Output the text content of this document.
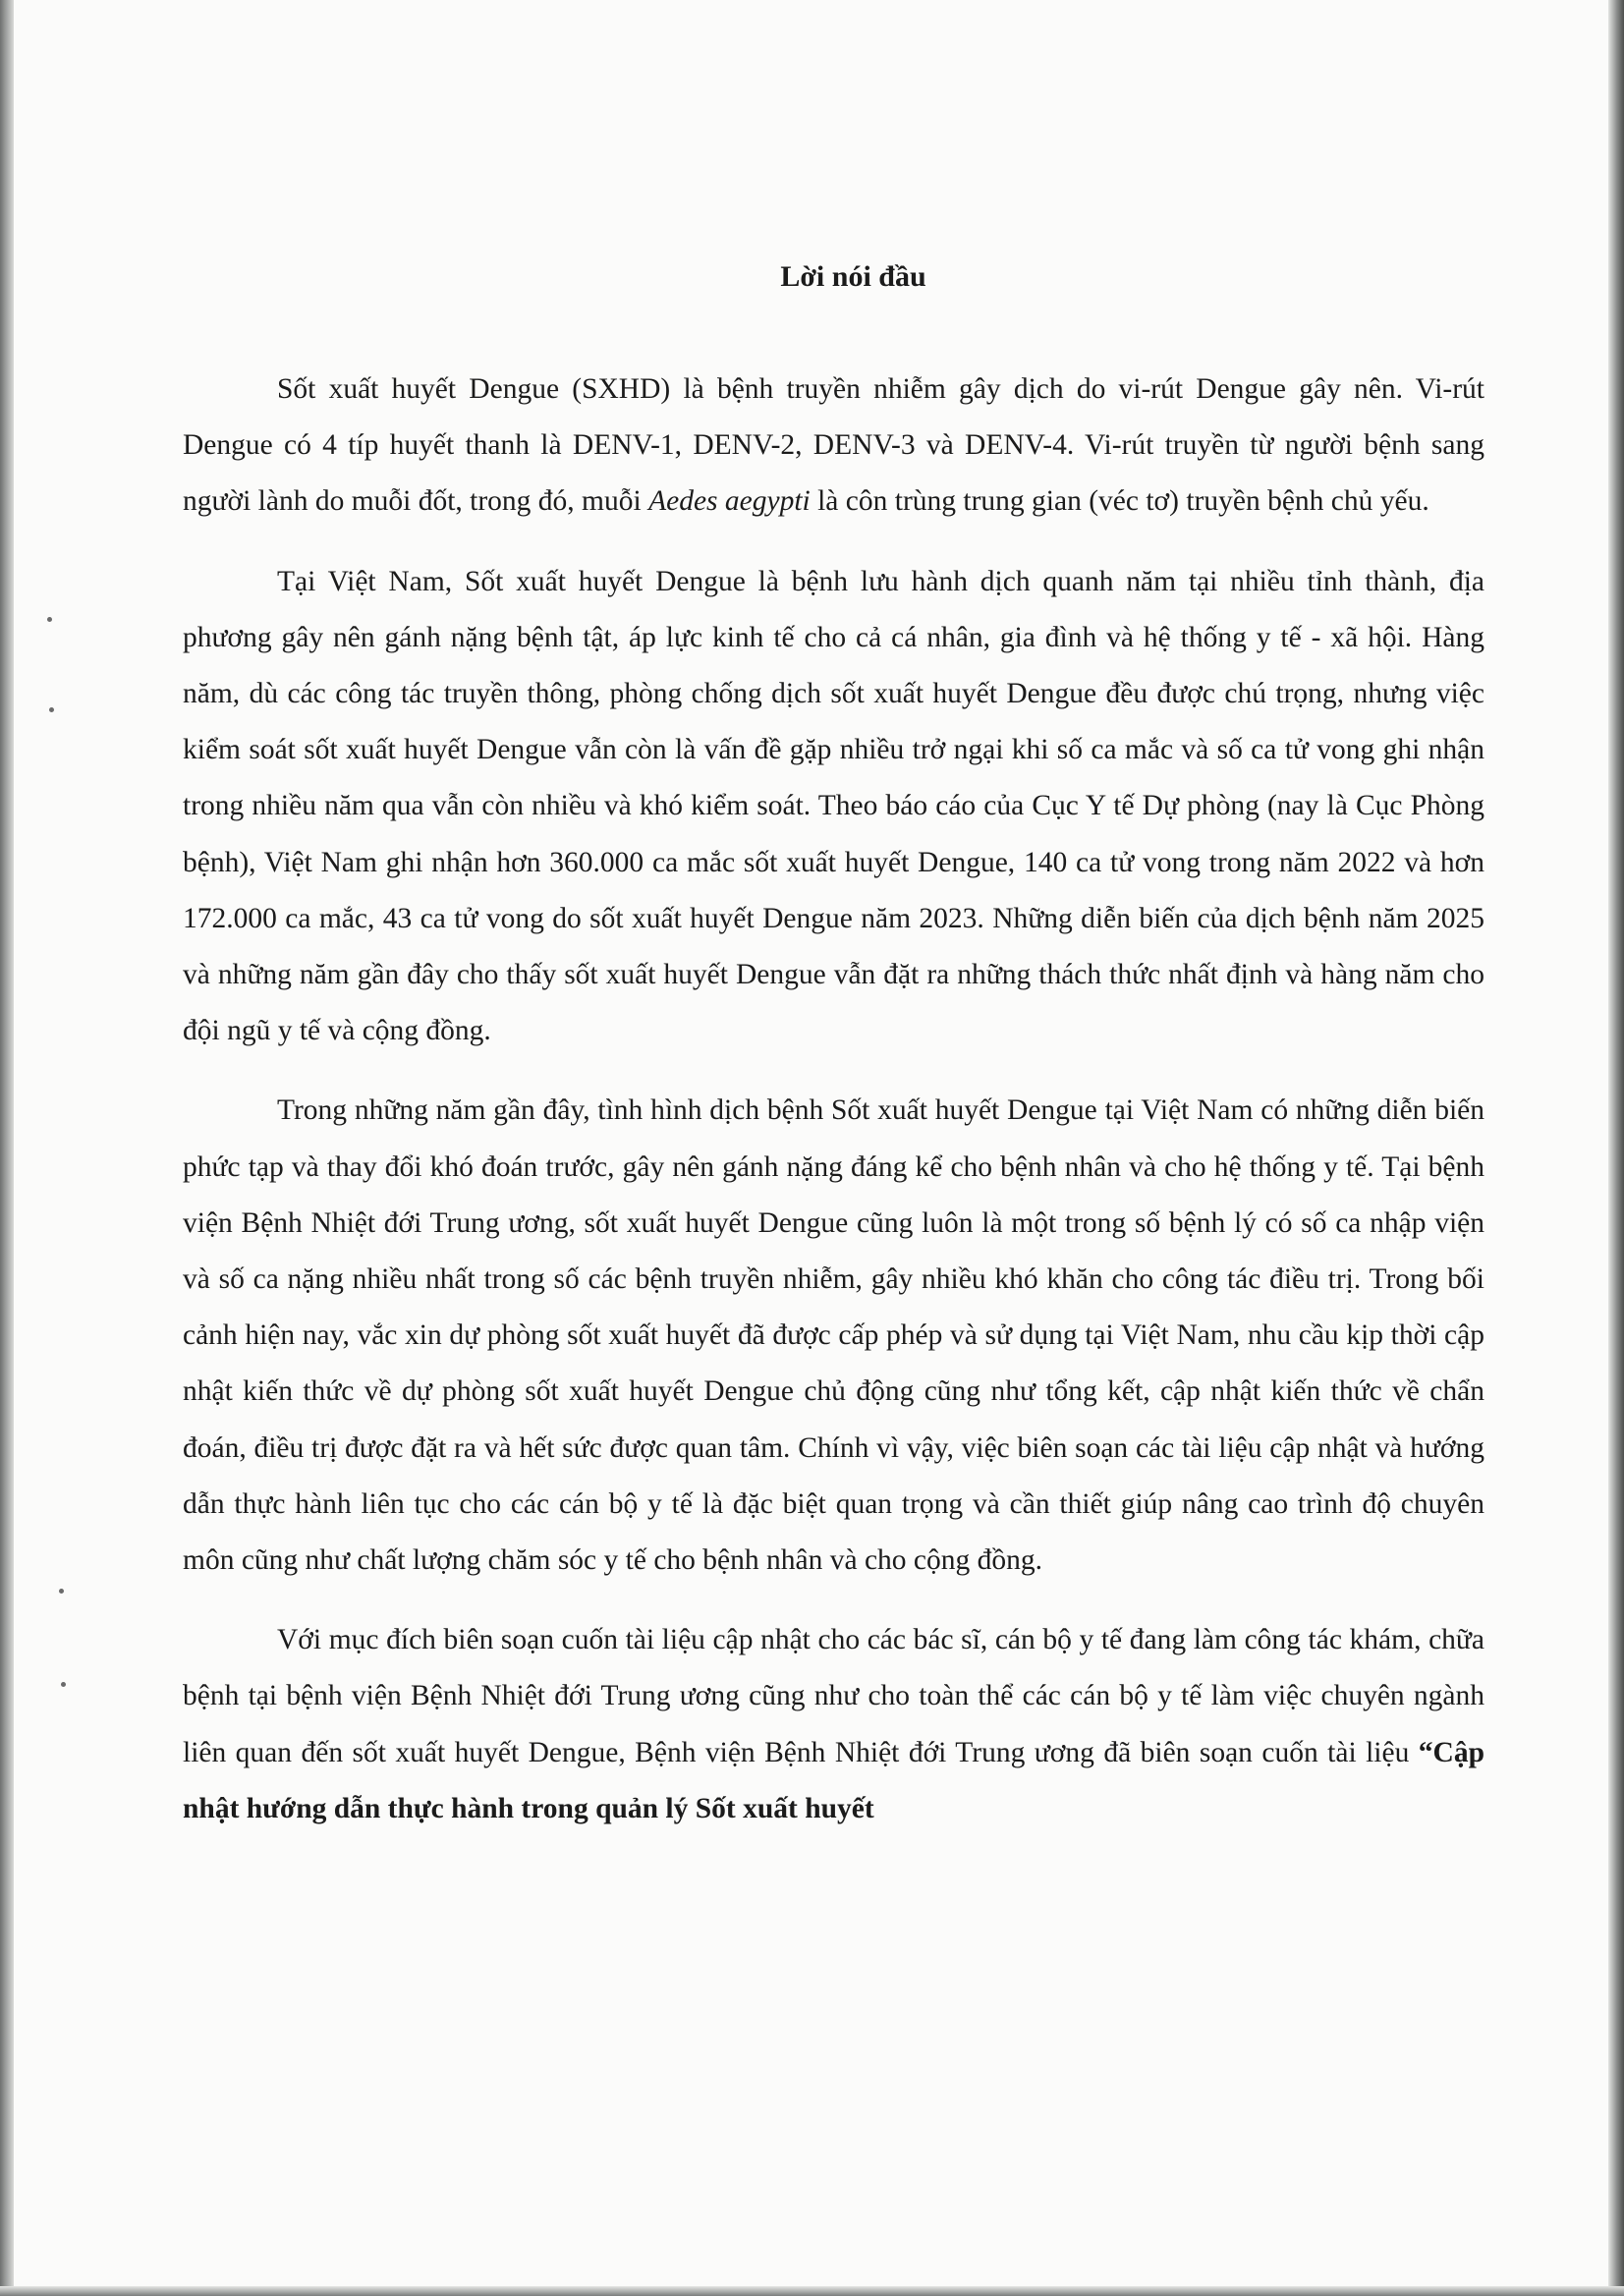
Lời nói đầu

Sốt xuất huyết Dengue (SXHD) là bệnh truyền nhiễm gây dịch do vi-rút Dengue gây nên. Vi-rút Dengue có 4 típ huyết thanh là DENV-1, DENV-2, DENV-3 và DENV-4. Vi-rút truyền từ người bệnh sang người lành do muỗi đốt, trong đó, muỗi Aedes aegypti là côn trùng trung gian (véc tơ) truyền bệnh chủ yếu.

Tại Việt Nam, Sốt xuất huyết Dengue là bệnh lưu hành dịch quanh năm tại nhiều tỉnh thành, địa phương gây nên gánh nặng bệnh tật, áp lực kinh tế cho cả cá nhân, gia đình và hệ thống y tế - xã hội. Hàng năm, dù các công tác truyền thông, phòng chống dịch sốt xuất huyết Dengue đều được chú trọng, nhưng việc kiểm soát sốt xuất huyết Dengue vẫn còn là vấn đề gặp nhiều trở ngại khi số ca mắc và số ca tử vong ghi nhận trong nhiều năm qua vẫn còn nhiều và khó kiểm soát. Theo báo cáo của Cục Y tế Dự phòng (nay là Cục Phòng bệnh), Việt Nam ghi nhận hơn 360.000 ca mắc sốt xuất huyết Dengue, 140 ca tử vong trong năm 2022 và hơn 172.000 ca mắc, 43 ca tử vong do sốt xuất huyết Dengue năm 2023. Những diễn biến của dịch bệnh năm 2025 và những năm gần đây cho thấy sốt xuất huyết Dengue vẫn đặt ra những thách thức nhất định và hàng năm cho đội ngũ y tế và cộng đồng.

Trong những năm gần đây, tình hình dịch bệnh Sốt xuất huyết Dengue tại Việt Nam có những diễn biến phức tạp và thay đổi khó đoán trước, gây nên gánh nặng đáng kể cho bệnh nhân và cho hệ thống y tế. Tại bệnh viện Bệnh Nhiệt đới Trung ương, sốt xuất huyết Dengue cũng luôn là một trong số bệnh lý có số ca nhập viện và số ca nặng nhiều nhất trong số các bệnh truyền nhiễm, gây nhiều khó khăn cho công tác điều trị. Trong bối cảnh hiện nay, vắc xin dự phòng sốt xuất huyết đã được cấp phép và sử dụng tại Việt Nam, nhu cầu kịp thời cập nhật kiến thức về dự phòng sốt xuất huyết Dengue chủ động cũng như tổng kết, cập nhật kiến thức về chẩn đoán, điều trị được đặt ra và hết sức được quan tâm. Chính vì vậy, việc biên soạn các tài liệu cập nhật và hướng dẫn thực hành liên tục cho các cán bộ y tế là đặc biệt quan trọng và cần thiết giúp nâng cao trình độ chuyên môn cũng như chất lượng chăm sóc y tế cho bệnh nhân và cho cộng đồng.

Với mục đích biên soạn cuốn tài liệu cập nhật cho các bác sĩ, cán bộ y tế đang làm công tác khám, chữa bệnh tại bệnh viện Bệnh Nhiệt đới Trung ương cũng như cho toàn thể các cán bộ y tế làm việc chuyên ngành liên quan đến sốt xuất huyết Dengue, Bệnh viện Bệnh Nhiệt đới Trung ương đã biên soạn cuốn tài liệu “Cập nhật hướng dẫn thực hành trong quản lý Sốt xuất huyết
